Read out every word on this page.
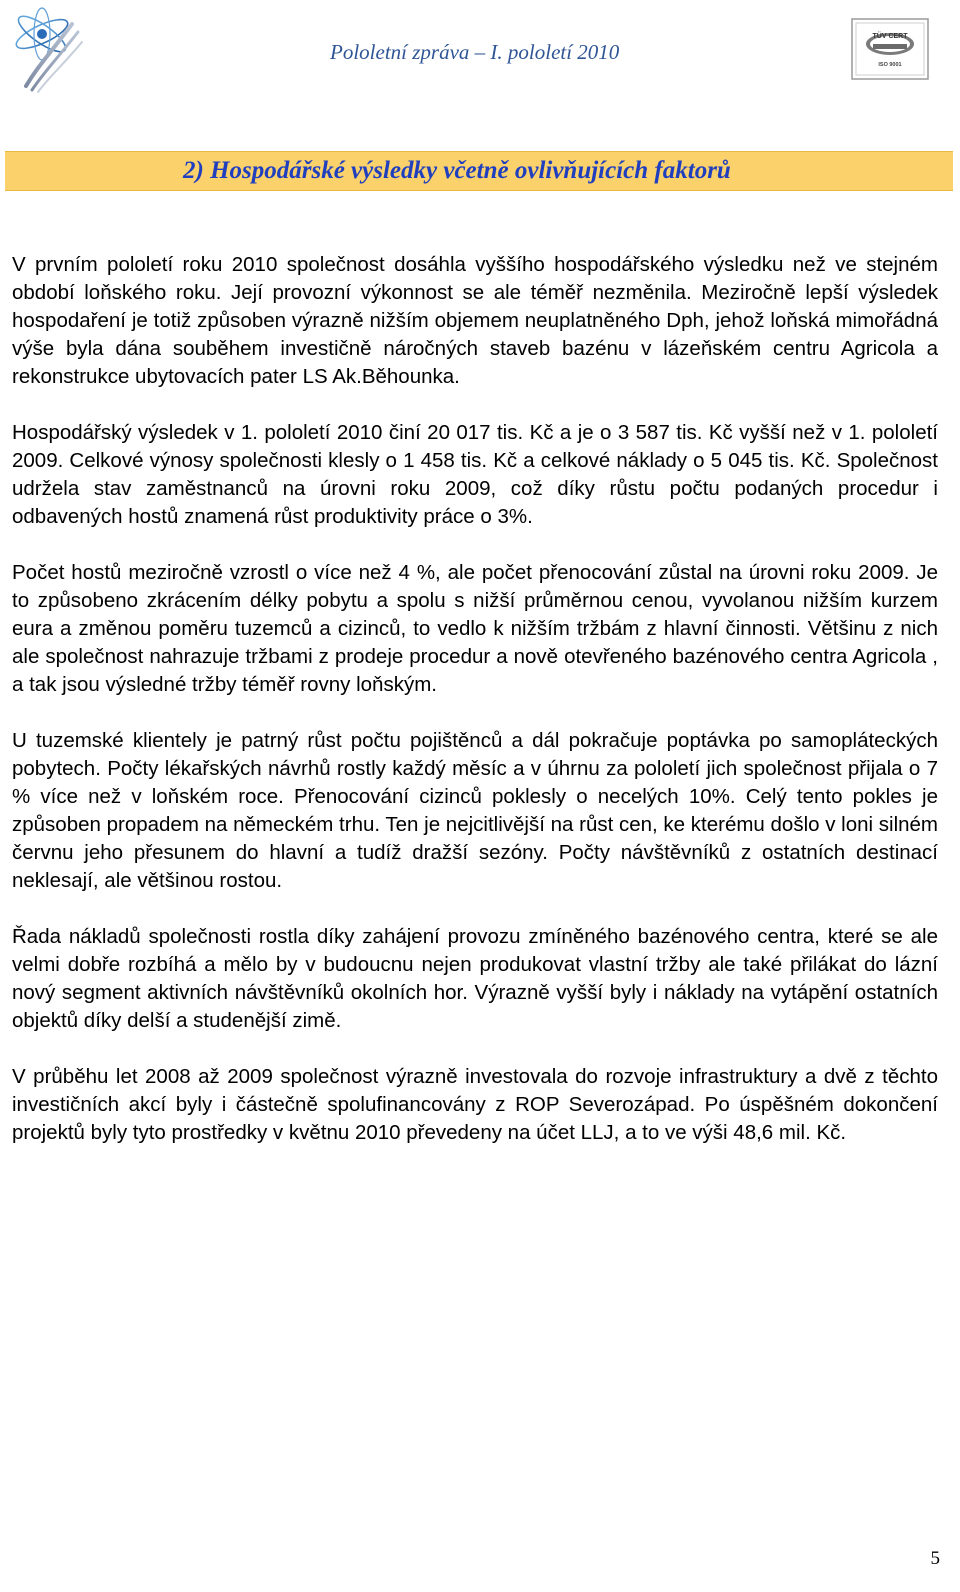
Pololetní zpráva – I. pololetí 2010
TÜV CERT
ISO 9001
2) Hospodářské výsledky včetně ovlivňujících faktorů

V prvním pololetí roku 2010 společnost dosáhla vyššího hospodářského výsledku než ve stejném období loňského roku. Její provozní výkonnost se ale téměř nezměnila. Meziročně lepší výsledek hospodaření je totiž způsoben výrazně nižším objemem neuplatněného Dph, jehož loňská mimořádná výše byla dána souběhem investičně náročných staveb bazénu v lázeňském centru Agricola a rekonstrukce ubytovacích pater LS Ak.Běhounka.

Hospodářský výsledek v 1. pololetí 2010 činí 20 017 tis. Kč a je o 3 587 tis. Kč vyšší než v 1. pololetí 2009. Celkové výnosy společnosti klesly o 1 458 tis. Kč a celkové náklady o 5 045 tis. Kč. Společnost udržela stav zaměstnanců na úrovni roku 2009, což díky růstu počtu podaných procedur i odbavených hostů znamená růst produktivity práce o 3%.

Počet hostů meziročně vzrostl o více než 4 %, ale počet přenocování zůstal na úrovni roku 2009. Je to způsobeno zkrácením délky pobytu a spolu s nižší průměrnou cenou, vyvolanou nižším kurzem eura a změnou poměru tuzemců a cizinců, to vedlo k nižším tržbám z hlavní činnosti. Většinu z nich ale společnost nahrazuje tržbami z prodeje procedur a nově otevřeného bazénového centra Agricola , a tak jsou výsledné tržby téměř rovny loňským.

U tuzemské klientely je patrný růst počtu pojištěnců a dál pokračuje poptávka po samopláteckých pobytech. Počty lékařských návrhů rostly každý měsíc a v úhrnu za pololetí jich společnost přijala o 7 % více než v loňském roce. Přenocování cizinců poklesly o necelých 10%. Celý tento pokles je způsoben propadem na německém trhu. Ten je nejcitlivější na růst cen, ke kterému došlo v loni silném červnu jeho přesunem do hlavní a tudíž dražší sezóny. Počty návštěvníků z ostatních destinací neklesají, ale většinou rostou.

Řada nákladů společnosti rostla díky zahájení provozu zmíněného bazénového centra, které se ale velmi dobře rozbíhá a mělo by v budoucnu nejen produkovat vlastní tržby ale také přilákat do lázní nový segment aktivních návštěvníků okolních hor. Výrazně vyšší byly i náklady na vytápění ostatních objektů díky delší a studenější zimě.

V průběhu let 2008 až 2009 společnost výrazně investovala do rozvoje infrastruktury a dvě z těchto investičních akcí byly i částečně spolufinancovány z ROP Severozápad. Po úspěšném dokončení projektů byly tyto prostředky v květnu 2010 převedeny na účet LLJ, a to ve výši 48,6 mil. Kč.

5
